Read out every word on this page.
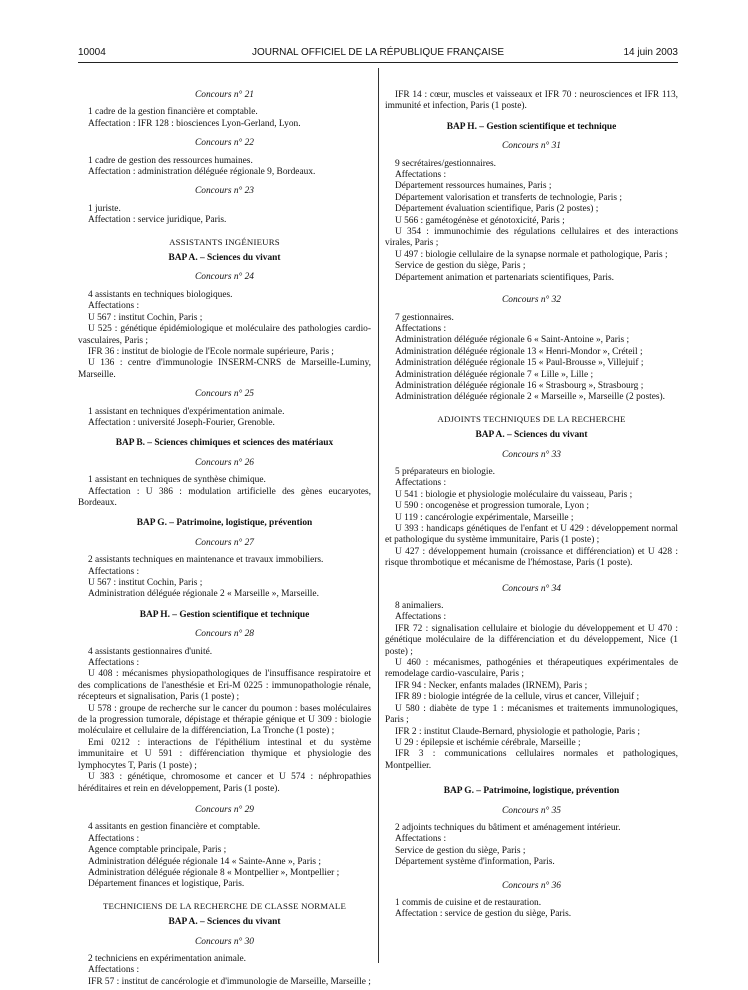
JOURNAL OFFICIEL DE LA RÉPUBLIQUE FRANÇAISE
10004	14 juin 2003
Concours n° 21

1 cadre de la gestion financière et comptable.

Affectation : IFR 128 : biosciences Lyon-Gerland, Lyon.

Concours n° 22

1 cadre de gestion des ressources humaines.

Affectation : administration déléguée régionale 9, Bordeaux.

Concours n° 23

1 juriste.

Affectation : service juridique, Paris.

ASSISTANTS INGÉNIEURS
BAP A. – Sciences du vivant
Concours n° 24

4 assistants en techniques biologiques.

Affectations :

U 567 : institut Cochin, Paris ;

U 525 : génétique épidémiologique et moléculaire des pathologies cardio-vasculaires, Paris ;

IFR 36 : institut de biologie de l'Ecole normale supérieure, Paris ;

U 136 : centre d'immunologie INSERM-CNRS de Marseille-Luminy, Marseille.

Concours n° 25

1 assistant en techniques d'expérimentation animale.

Affectation : université Joseph-Fourier, Grenoble.

BAP B. – Sciences chimiques et sciences des matériaux
Concours n° 26

1 assistant en techniques de synthèse chimique.

Affectation : U 386 : modulation artificielle des gènes eucaryotes, Bordeaux.

BAP G. – Patrimoine, logistique, prévention
Concours n° 27

2 assistants techniques en maintenance et travaux immobiliers.

Affectations :

U 567 : institut Cochin, Paris ;

Administration déléguée régionale 2 « Marseille », Marseille.

BAP H. – Gestion scientifique et technique
Concours n° 28

4 assistants gestionnaires d'unité.

Affectations :

U 408 : mécanismes physiopathologiques de l'insuffisance respiratoire et des complications de l'anesthésie et Eri-M 0225 : immunopathologie rénale, récepteurs et signalisation, Paris (1 poste) ;

U 578 : groupe de recherche sur le cancer du poumon : bases moléculaires de la progression tumorale, dépistage et thérapie génique et U 309 : biologie moléculaire et cellulaire de la différenciation, La Tronche (1 poste) ;

Emi 0212 : interactions de l'épithélium intestinal et du système immunitaire et U 591 : différenciation thymique et physiologie des lymphocytes T, Paris (1 poste) ;

U 383 : génétique, chromosome et cancer et U 574 : néphropathies héréditaires et rein en développement, Paris (1 poste).

Concours n° 29

4 assitants en gestion financière et comptable.

Affectations :

Agence comptable principale, Paris ;

Administration déléguée régionale 14 « Sainte-Anne », Paris ;

Administration déléguée régionale 8 « Montpellier », Montpellier ;

Département finances et logistique, Paris.

TECHNICIENS DE LA RECHERCHE DE CLASSE NORMALE
BAP A. – Sciences du vivant
Concours n° 30

2 techniciens en expérimentation animale.

Affectations :

IFR 57 : institut de cancérologie et d'immunologie de Marseille, Marseille ;

IFR 14 : cœur, muscles et vaisseaux et IFR 70 : neurosciences et IFR 113, immunité et infection, Paris (1 poste).

BAP H. – Gestion scientifique et technique
Concours n° 31

9 secrétaires/gestionnaires.

Affectations :

Département ressources humaines, Paris ;

Département valorisation et transferts de technologie, Paris ;

Département évaluation scientifique, Paris (2 postes) ;

U 566 : gamétogénèse et génotoxicité, Paris ;

U 354 : immunochimie des régulations cellulaires et des interactions virales, Paris ;

U 497 : biologie cellulaire de la synapse normale et pathologique, Paris ;

Service de gestion du siège, Paris ;

Département animation et partenariats scientifiques, Paris.

Concours n° 32

7 gestionnaires.

Affectations :

Administration déléguée régionale 6 « Saint-Antoine », Paris ;

Administration déléguée régionale 13 « Henri-Mondor », Créteil ;

Administration déléguée régionale 15 « Paul-Brousse », Villejuif ;

Administration déléguée régionale 7 « Lille », Lille ;

Administration déléguée régionale 16 « Strasbourg », Strasbourg ;

Administration déléguée régionale 2 « Marseille », Marseille (2 postes).

ADJOINTS TECHNIQUES DE LA RECHERCHE
BAP A. – Sciences du vivant
Concours n° 33

5 préparateurs en biologie.

Affectations :

U 541 : biologie et physiologie moléculaire du vaisseau, Paris ;

U 590 : oncogenèse et progression tumorale, Lyon ;

U 119 : cancérologie expérimentale, Marseille ;

U 393 : handicaps génétiques de l'enfant et U 429 : développement normal et pathologique du système immunitaire, Paris (1 poste) ;

U 427 : développement humain (croissance et différenciation) et U 428 : risque thrombotique et mécanisme de l'hémostase, Paris (1 poste).

Concours n° 34

8 animaliers.

Affectations :

IFR 72 : signalisation cellulaire et biologie du développement et U 470 : génétique moléculaire de la différenciation et du développement, Nice (1 poste) ;

U 460 : mécanismes, pathogénies et thérapeutiques expérimentales de remodelage cardio-vasculaire, Paris ;

IFR 94 : Necker, enfants malades (IRNEM), Paris ;

IFR 89 : biologie intégrée de la cellule, virus et cancer, Villejuif ;

U 580 : diabète de type 1 : mécanismes et traitements immunologiques, Paris ;

IFR 2 : institut Claude-Bernard, physiologie et pathologie, Paris ;

U 29 : épilepsie et ischémie cérébrale, Marseille ;

IFR 3 : communications cellulaires normales et pathologiques, Montpellier.

BAP G. – Patrimoine, logistique, prévention
Concours n° 35

2 adjoints techniques du bâtiment et aménagement intérieur.

Affectations :

Service de gestion du siège, Paris ;

Département système d'information, Paris.

Concours n° 36

1 commis de cuisine et de restauration.

Affectation : service de gestion du siège, Paris.
